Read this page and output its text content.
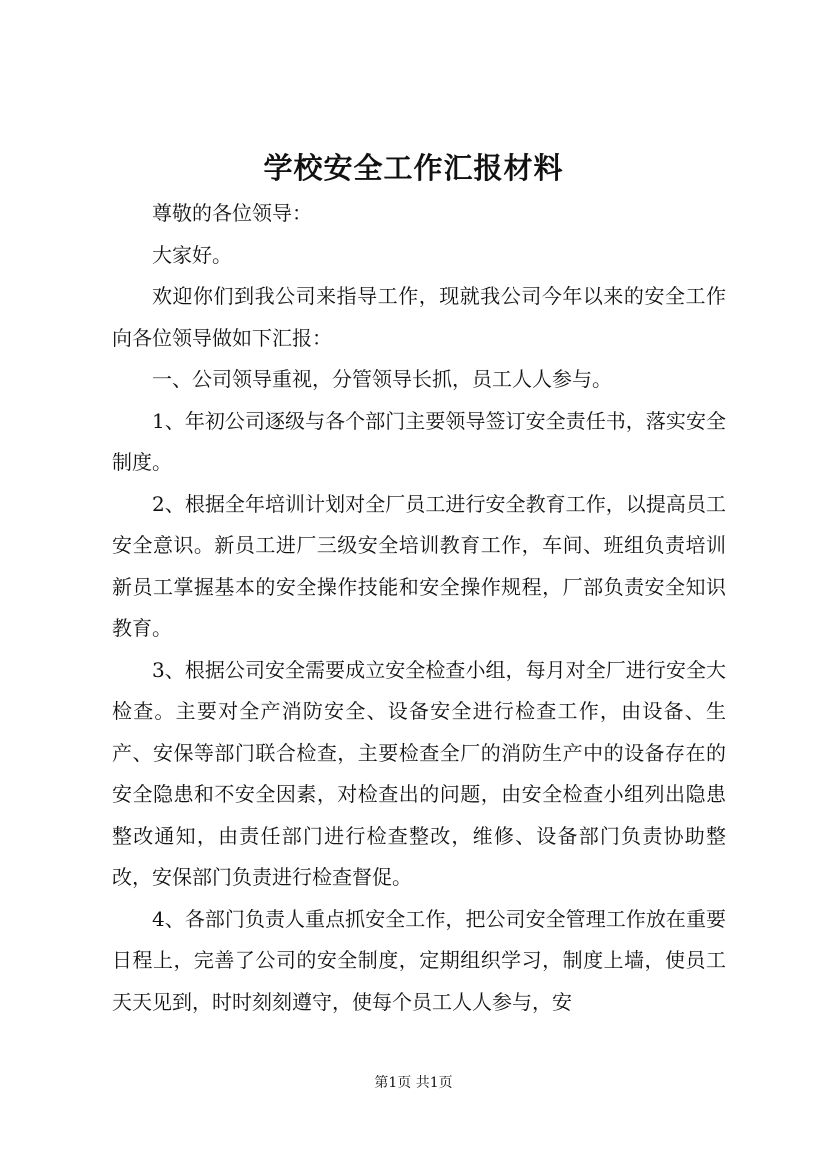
学校安全工作汇报材料

尊敬的各位领导：

大家好。

欢迎你们到我公司来指导工作，现就我公司今年以来的安全工作向各位领导做如下汇报：

一、公司领导重视，分管领导长抓，员工人人参与。

1、年初公司逐级与各个部门主要领导签订安全责任书，落实安全制度。

2、根据全年培训计划对全厂员工进行安全教育工作，以提高员工安全意识。新员工进厂三级安全培训教育工作，车间、班组负责培训新员工掌握基本的安全操作技能和安全操作规程，厂部负责安全知识教育。

3、根据公司安全需要成立安全检查小组，每月对全厂进行安全大检查。主要对全产消防安全、设备安全进行检查工作，由设备、生产、安保等部门联合检查，主要检查全厂的消防生产中的设备存在的安全隐患和不安全因素，对检查出的问题，由安全检查小组列出隐患整改通知，由责任部门进行检查整改，维修、设备部门负责协助整改，安保部门负责进行检查督促。

4、各部门负责人重点抓安全工作，把公司安全管理工作放在重要日程上，完善了公司的安全制度，定期组织学习，制度上墙，使员工天天见到，时时刻刻遵守，使每个员工人人参与，安

第1页 共1页
